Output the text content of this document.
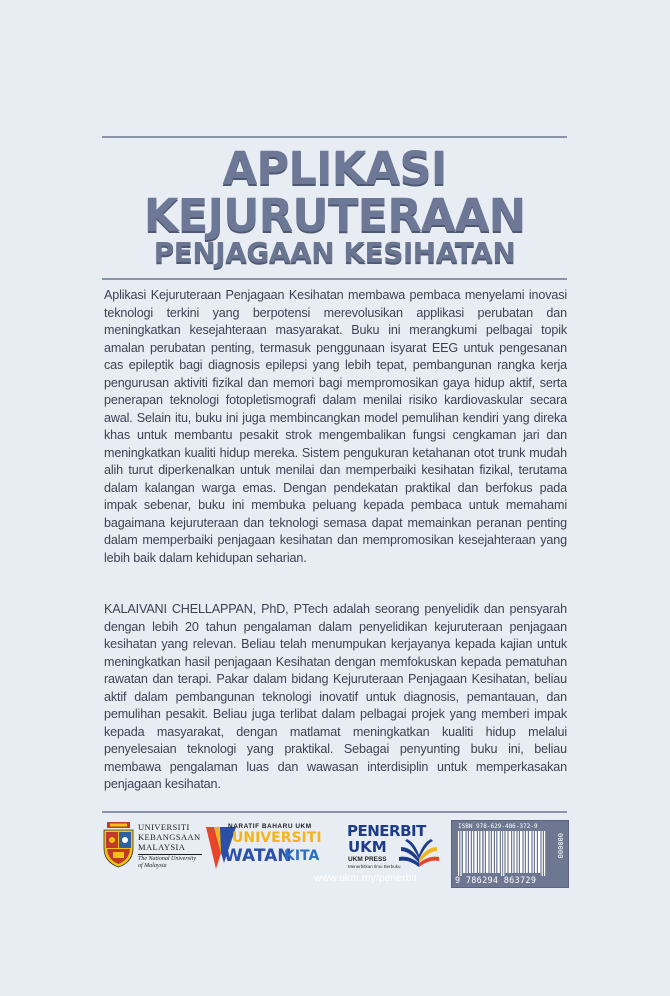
APLIKASI
KEJURUTERAAN
PENJAGAAN KESIHATAN

Aplikasi Kejuruteraan Penjagaan Kesihatan membawa pembaca menyelami inovasi teknologi terkini yang berpotensi merevolusikan applikasi perubatan dan meningkatkan kesejahteraan masyarakat. Buku ini merangkumi pelbagai topik amalan perubatan penting, termasuk penggunaan isyarat EEG untuk pengesanan cas epileptik bagi diagnosis epilepsi yang lebih tepat, pembangunan rangka kerja pengurusan aktiviti fizikal dan memori bagi mempromosikan gaya hidup aktif, serta penerapan teknologi fotopletismografi dalam menilai risiko kardiovaskular secara awal. Selain itu, buku ini juga membincangkan model pemulihan kendiri yang direka khas untuk membantu pesakit strok mengembalikan fungsi cengkaman jari dan meningkatkan kualiti hidup mereka. Sistem pengukuran ketahanan otot trunk mudah alih turut diperkenalkan untuk menilai dan memperbaiki kesihatan fizikal, terutama dalam kalangan warga emas. Dengan pendekatan praktikal dan berfokus pada impak sebenar, buku ini membuka peluang kepada pembaca untuk memahami bagaimana kejuruteraan dan teknologi semasa dapat memainkan peranan penting dalam memperbaiki penjagaan kesihatan dan mempromosikan kesejahteraan yang lebih baik dalam kehidupan seharian.

KALAIVANI CHELLAPPAN, PhD, PTech adalah seorang penyelidik dan pensyarah dengan lebih 20 tahun pengalaman dalam penyelidikan kejuruteraan penjagaan kesihatan yang relevan. Beliau telah menumpukan kerjayanya kepada kajian untuk meningkatkan hasil penjagaan Kesihatan dengan memfokuskan kepada pematuhan rawatan dan terapi. Pakar dalam bidang Kejuruteraan Penjagaan Kesihatan, beliau aktif dalam pembangunan teknologi inovatif untuk diagnosis, pemantauan, dan pemulihan pesakit. Beliau juga terlibat dalam pelbagai projek yang memberi impak kepada masyarakat, dengan matlamat meningkatkan kualiti hidup melalui penyelesaian teknologi yang praktikal. Sebagai penyunting buku ini, beliau membawa pengalaman luas dan wawasan interdisiplin untuk memperkasakan penjagaan kesihatan.

UNIVERSITI
KEBANGSAAN
MALAYSIA
The National University
of Malaysia
NARATIF BAHARU UKM
UNIVERSITI
WATAN
KITA
PENERBIT
UKM
UKM PRESS
Menerbitkan Ilmu Berbuku
www.ukm.my/penerbit
ISBN 978-629-486-372-9
9 786294 863729
000000
